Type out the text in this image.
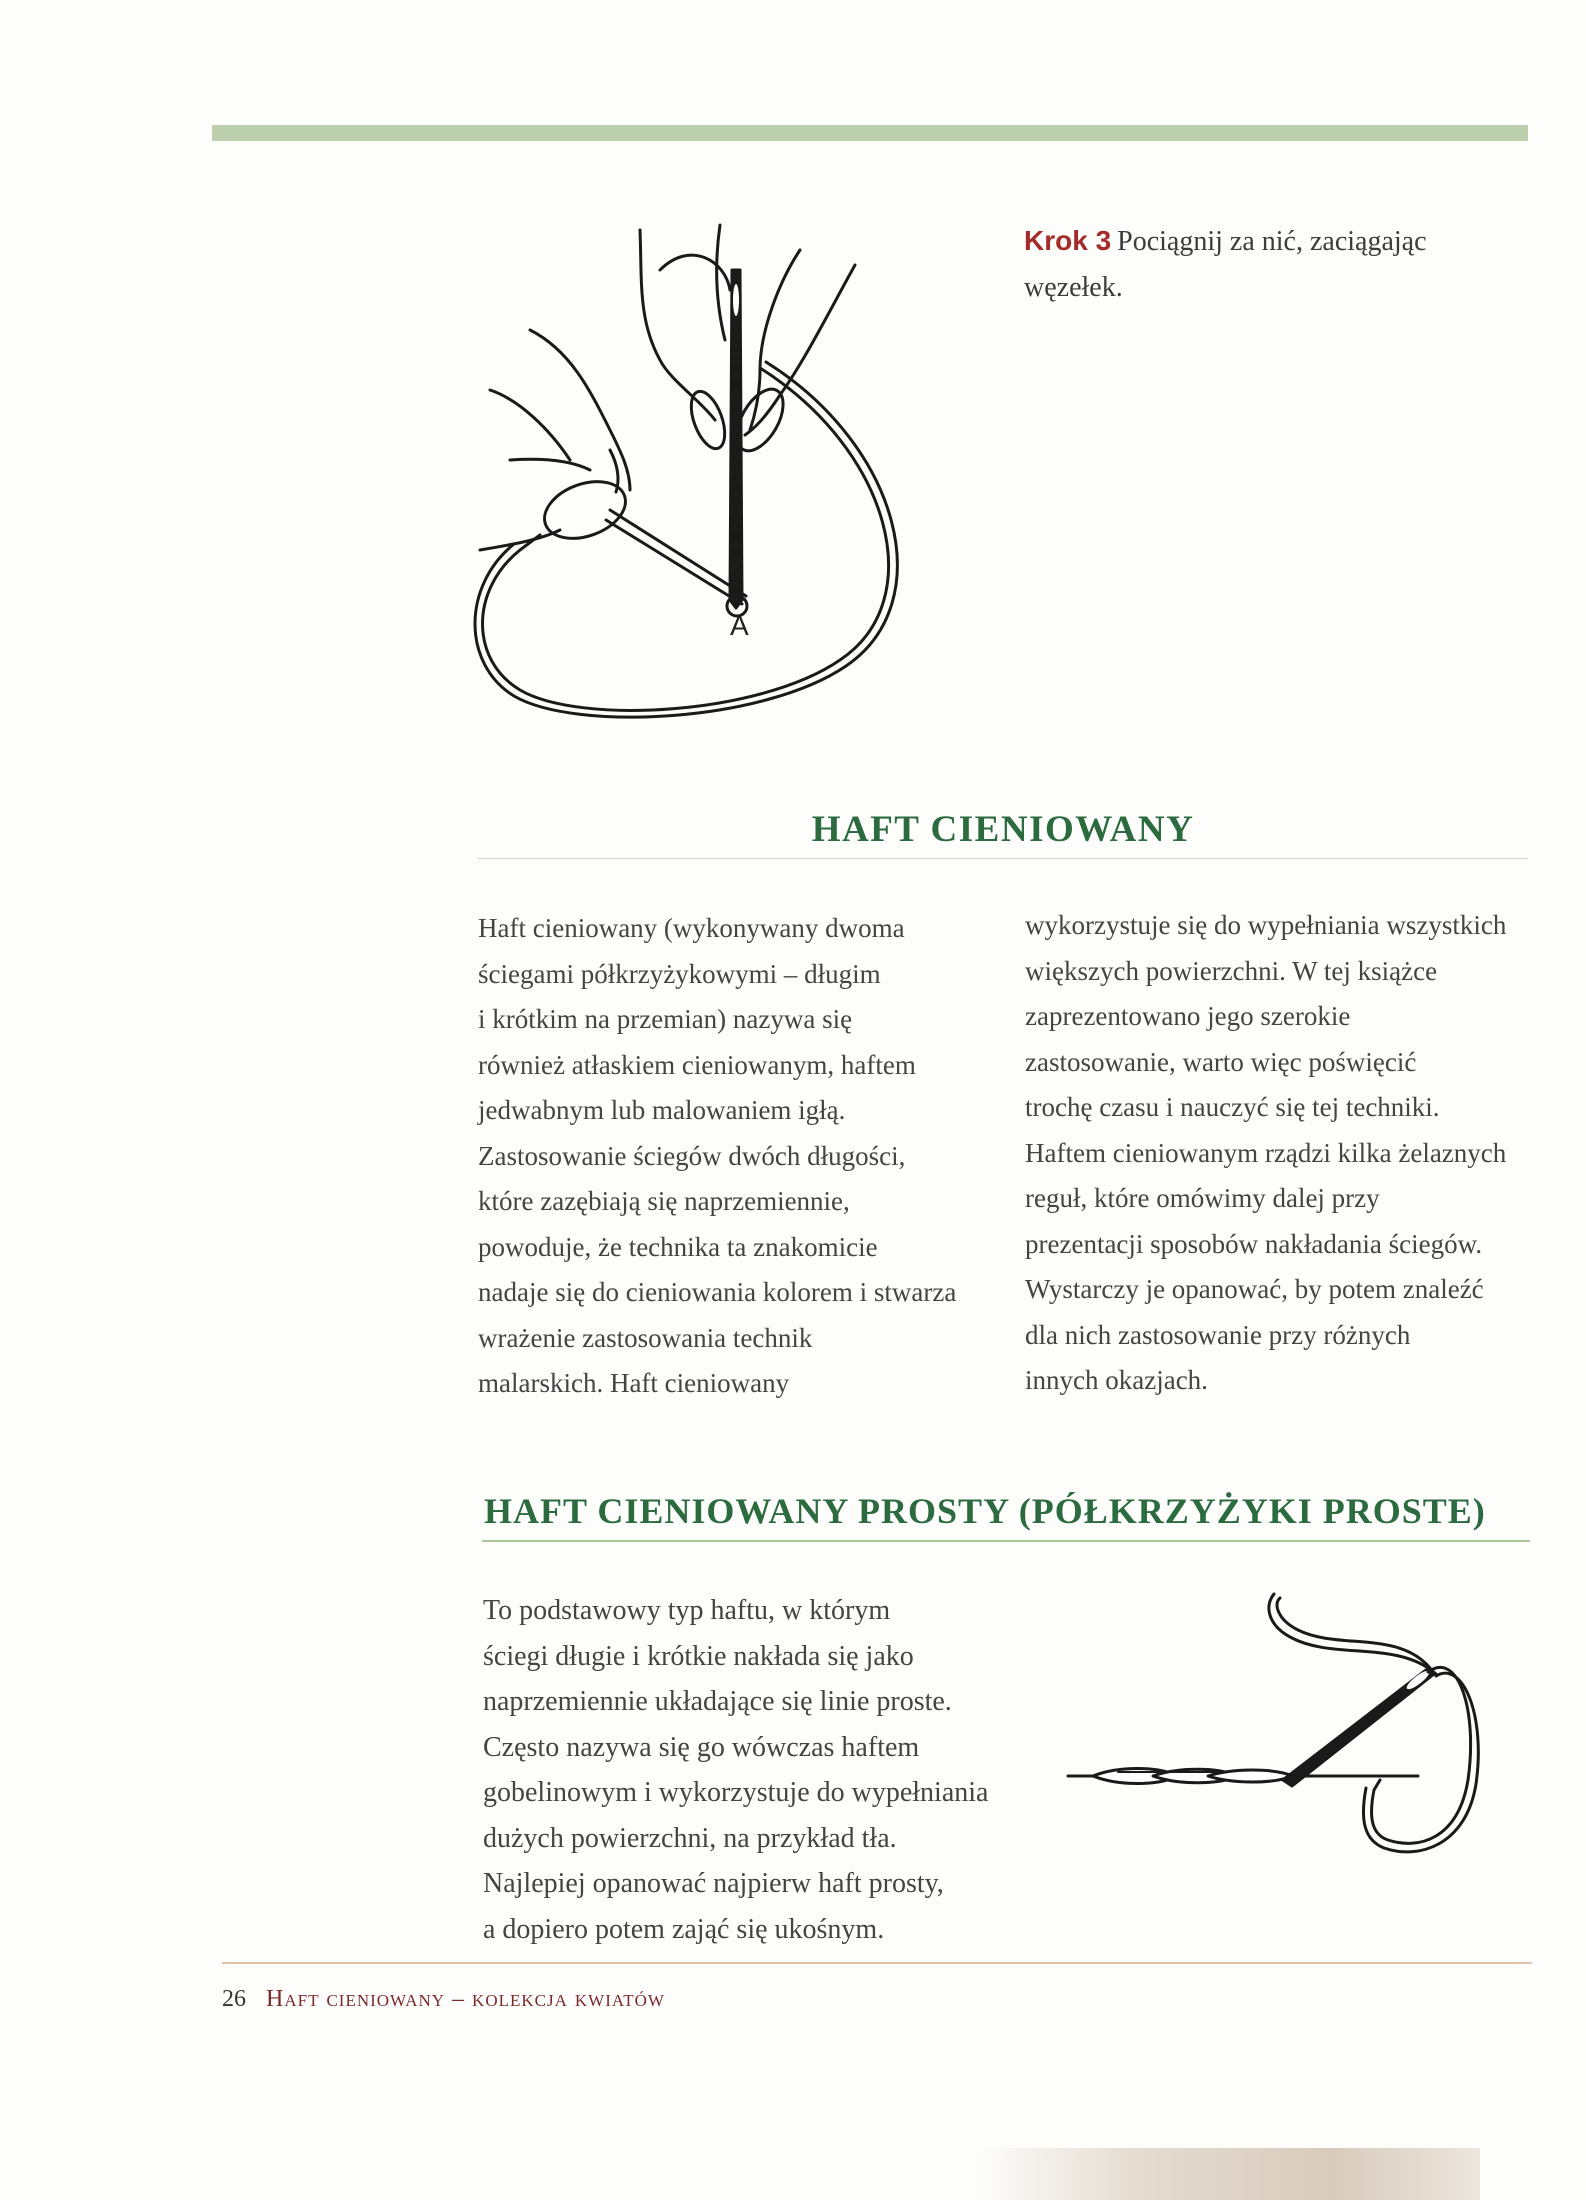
A
Krok 3 Pociągnij za nić, zaciągając węzełek.
HAFT CIENIOWANY
Haft cieniowany (wykonywany dwoma
ściegami półkrzyżykowymi – długim
i krótkim na przemian) nazywa się
również atłaskiem cieniowanym, haftem
jedwabnym lub malowaniem igłą.
Zastosowanie ściegów dwóch długości,
które zazębiają się naprzemiennie,
powoduje, że technika ta znakomicie
nadaje się do cieniowania kolorem i stwarza
wrażenie zastosowania technik
malarskich. Haft cieniowany
wykorzystuje się do wypełniania wszystkich
większych powierzchni. W tej książce
zaprezentowano jego szerokie
zastosowanie, warto więc poświęcić
trochę czasu i nauczyć się tej techniki.
Haftem cieniowanym rządzi kilka żelaznych
reguł, które omówimy dalej przy
prezentacji sposobów nakładania ściegów.
Wystarczy je opanować, by potem znaleźć
dla nich zastosowanie przy różnych
innych okazjach.
HAFT CIENIOWANY PROSTY (PÓŁKRZYŻYKI PROSTE)
To podstawowy typ haftu, w którym
ściegi długie i krótkie nakłada się jako
naprzemiennie układające się linie proste.
Często nazywa się go wówczas haftem
gobelinowym i wykorzystuje do wypełniania
dużych powierzchni, na przykład tła.
Najlepiej opanować najpierw haft prosty,
a dopiero potem zająć się ukośnym.
26 Haft cieniowany – kolekcja kwiatów
